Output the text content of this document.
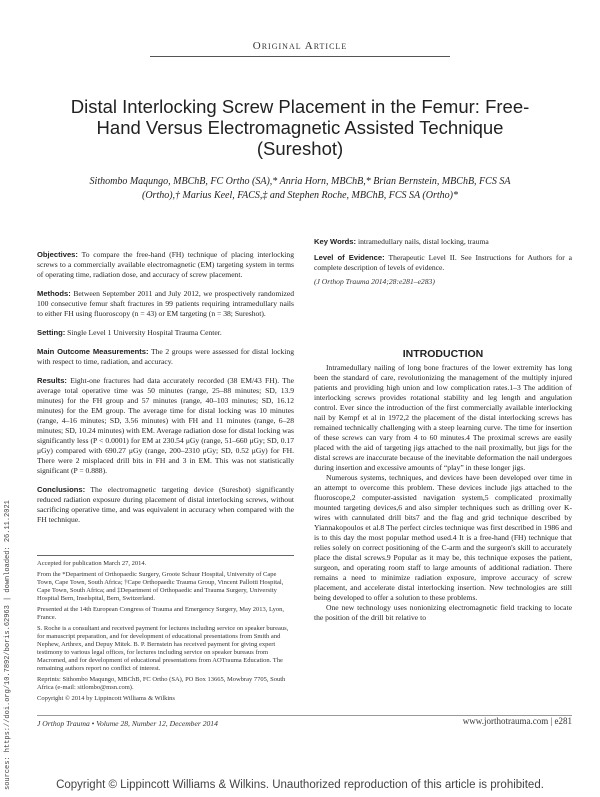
Original Article
Distal Interlocking Screw Placement in the Femur: Free-Hand Versus Electromagnetic Assisted Technique (Sureshot)
Sithombo Maqungo, MBChB, FC Ortho (SA),* Anria Horn, MBChB,* Brian Bernstein, MBChB, FCS SA (Ortho),† Marius Keel, FACS,‡ and Stephen Roche, MBChB, FCS SA (Ortho)*

Objectives: To compare the free-hand (FH) technique of placing interlocking screws to a commercially available electromagnetic (EM) targeting system in terms of operating time, radiation dose, and accuracy of screw placement.

Methods: Between September 2011 and July 2012, we prospectively randomized 100 consecutive femur shaft fractures in 99 patients requiring intramedullary nails to either FH using fluoroscopy (n = 43) or EM targeting (n = 38; Sureshot).

Setting: Single Level 1 University Hospital Trauma Center.

Main Outcome Measurements: The 2 groups were assessed for distal locking with respect to time, radiation, and accuracy.

Results: Eight-one fractures had data accurately recorded (38 EM/43 FH). The average total operative time was 50 minutes (range, 25–88 minutes; SD, 13.9 minutes) for the FH group and 57 minutes (range, 40–103 minutes; SD, 16.12 minutes) for the EM group. The average time for distal locking was 10 minutes (range, 4–16 minutes; SD, 3.56 minutes) with FH and 11 minutes (range, 6–28 minutes; SD, 10.24 minutes) with EM. Average radiation dose for distal locking was significantly less (P < 0.0001) for EM at 230.54 μGy (range, 51–660 μGy; SD, 0.17 μGy) compared with 690.27 μGy (range, 200–2310 μGy; SD, 0.52 μGy) for FH. There were 2 misplaced drill bits in FH and 3 in EM. This was not statistically significant (P = 0.888).

Conclusions: The electromagnetic targeting device (Sureshot) significantly reduced radiation exposure during placement of distal interlocking screws, without sacrificing operative time, and was equivalent in accuracy when compared with the FH technique.

Accepted for publication March 27, 2014.

From the *Department of Orthopaedic Surgery, Groote Schuur Hospital, University of Cape Town, Cape Town, South Africa; †Cape Orthopaedic Trauma Group, Vincent Pallotti Hospital, Cape Town, South Africa; and ‡Department of Orthopaedic and Trauma Surgery, University Hospital Bern, Inselspital, Bern, Switzerland.

Presented at the 14th European Congress of Trauma and Emergency Surgery, May 2013, Lyon, France.

S. Roche is a consultant and received payment for lectures including service on speaker bureaus, for manuscript preparation, and for development of educational presentations from Smith and Nephew, Arthrex, and Depuy Mitek. B. P. Bernstein has received payment for giving expert testimony to various legal offices, for lectures including service on speaker bureaus from Macromed, and for development of educational presentations from AOTrauma Education. The remaining authors report no conflict of interest.

Reprints: Sithombo Maqungo, MBChB, FC Ortho (SA), PO Box 13665, Mowbray 7705, South Africa (e-mail: sitlombo@msn.com).

Copyright © 2014 by Lippincott Williams & Wilkins

Key Words: intramedullary nails, distal locking, trauma

Level of Evidence: Therapeutic Level II. See Instructions for Authors for a complete description of levels of evidence.

(J Orthop Trauma 2014;28:e281–e283)
INTRODUCTION

Intramedullary nailing of long bone fractures of the lower extremity has long been the standard of care, revolutionizing the management of the multiply injured patients and providing high union and low complication rates.1–3 The addition of interlocking screws provides rotational stability and leg length and angulation control. Ever since the introduction of the first commercially available interlocking nail by Kempf et al in 1972,2 the placement of the distal interlocking screws has remained technically challenging with a steep learning curve. The time for insertion of these screws can vary from 4 to 60 minutes.4 The proximal screws are easily placed with the aid of targeting jigs attached to the nail proximally, but jigs for the distal screws are inaccurate because of the inevitable deformation the nail undergoes during insertion and excessive amounts of “play” in these longer jigs.

Numerous systems, techniques, and devices have been developed over time in an attempt to overcome this problem. These devices include jigs attached to the fluoroscope,2 computer-assisted navigation system,5 complicated proximally mounted targeting devices,6 and also simpler techniques such as drilling over K-wires with cannulated drill bits7 and the flag and grid technique described by Yiannakopoulos et al.8 The perfect circles technique was first described in 1986 and is to this day the most popular method used.4 It is a free-hand (FH) technique that relies solely on correct positioning of the C-arm and the surgeon's skill to accurately place the distal screws.9 Popular as it may be, this technique exposes the patient, surgeon, and operating room staff to large amounts of additional radiation. There remains a need to minimize radiation exposure, improve accuracy of screw placement, and accelerate distal interlocking insertion. New technologies are still being developed to offer a solution to these problems.

One new technology uses nonionizing electromagnetic field tracking to locate the position of the drill bit relative to

J Orthop Trauma • Volume 28, Number 12, December 2014	www.jorthotrauma.com | e281
sources: https://doi.org/10.7892/boris.62963 | downloaded: 26.11.2021	Copyright © Lippincott Williams & Wilkins. Unauthorized reproduction of this article is prohibited.
